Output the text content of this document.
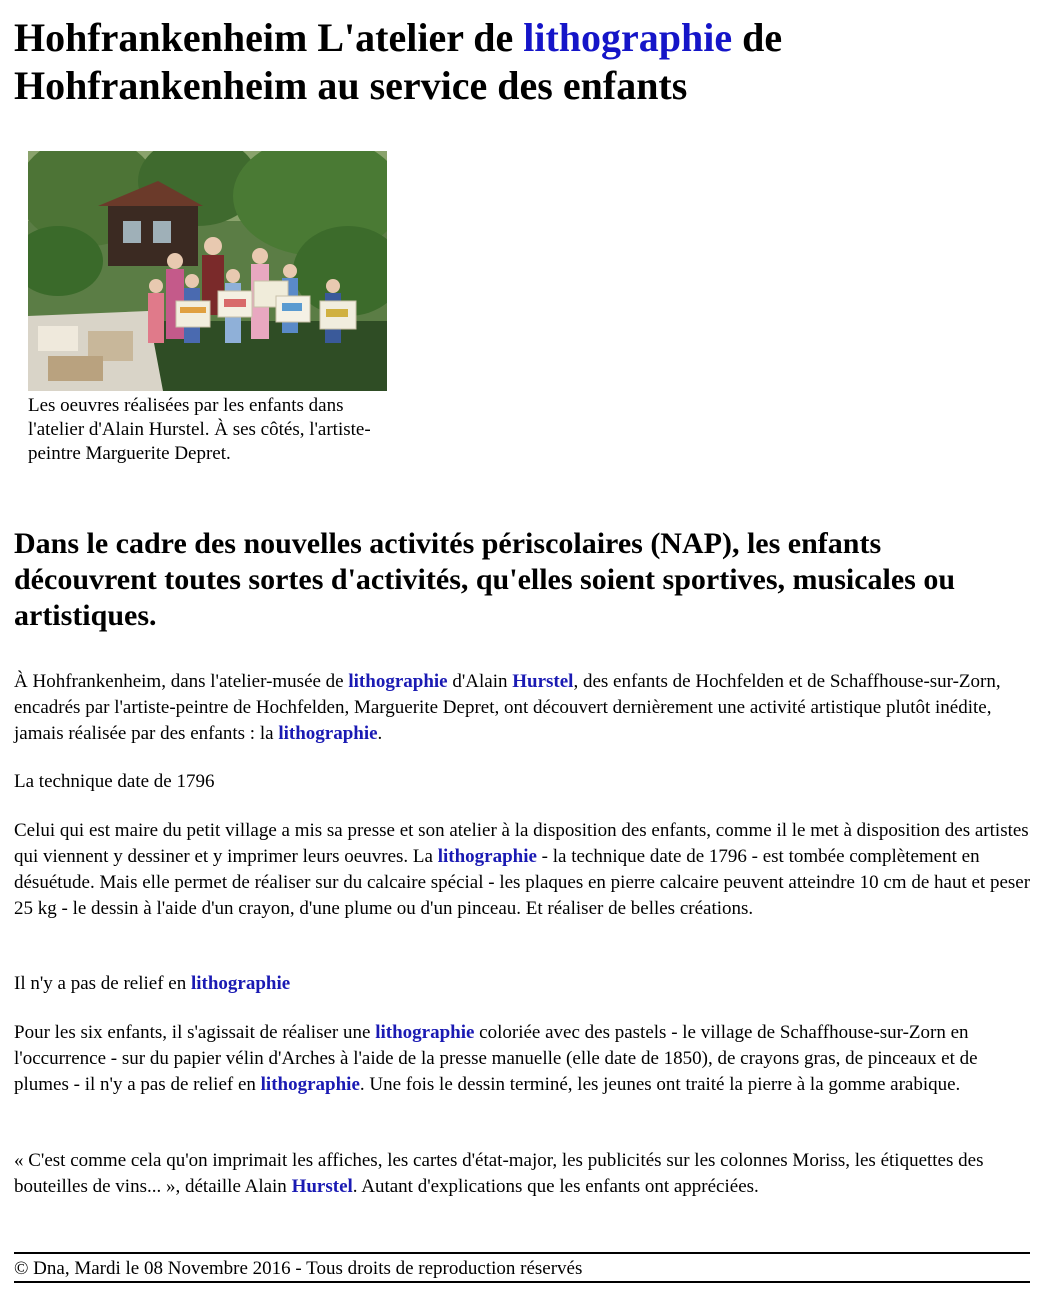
Hohfrankenheim L'atelier de lithographie de Hohfrankenheim au service des enfants

Les oeuvres réalisées par les enfants dans l'atelier d'Alain Hurstel. À ses côtés, l'artiste-peintre Marguerite Depret.

Dans le cadre des nouvelles activités périscolaires (NAP), les enfants découvrent toutes sortes d'activités, qu'elles soient sportives, musicales ou artistiques.

À Hohfrankenheim, dans l'atelier-musée de lithographie d'Alain Hurstel, des enfants de Hochfelden et de Schaffhouse-sur-Zorn, encadrés par l'artiste-peintre de Hochfelden, Marguerite Depret, ont découvert dernièrement une activité artistique plutôt inédite, jamais réalisée par des enfants : la lithographie.

La technique date de 1796

Celui qui est maire du petit village a mis sa presse et son atelier à la disposition des enfants, comme il le met à disposition des artistes qui viennent y dessiner et y imprimer leurs oeuvres. La lithographie - la technique date de 1796 - est tombée complètement en désuétude. Mais elle permet de réaliser sur du calcaire spécial - les plaques en pierre calcaire peuvent atteindre 10 cm de haut et peser 25 kg - le dessin à l'aide d'un crayon, d'une plume ou d'un pinceau. Et réaliser de belles créations.

Il n'y a pas de relief en lithographie

Pour les six enfants, il s'agissait de réaliser une lithographie coloriée avec des pastels - le village de Schaffhouse-sur-Zorn en l'occurrence - sur du papier vélin d'Arches à l'aide de la presse manuelle (elle date de 1850), de crayons gras, de pinceaux et de plumes - il n'y a pas de relief en lithographie. Une fois le dessin terminé, les jeunes ont traité la pierre à la gomme arabique.

« C'est comme cela qu'on imprimait les affiches, les cartes d'état-major, les publicités sur les colonnes Moriss, les étiquettes des bouteilles de vins... », détaille Alain Hurstel. Autant d'explications que les enfants ont appréciées.

© Dna, Mardi le 08 Novembre 2016 - Tous droits de reproduction réservés
